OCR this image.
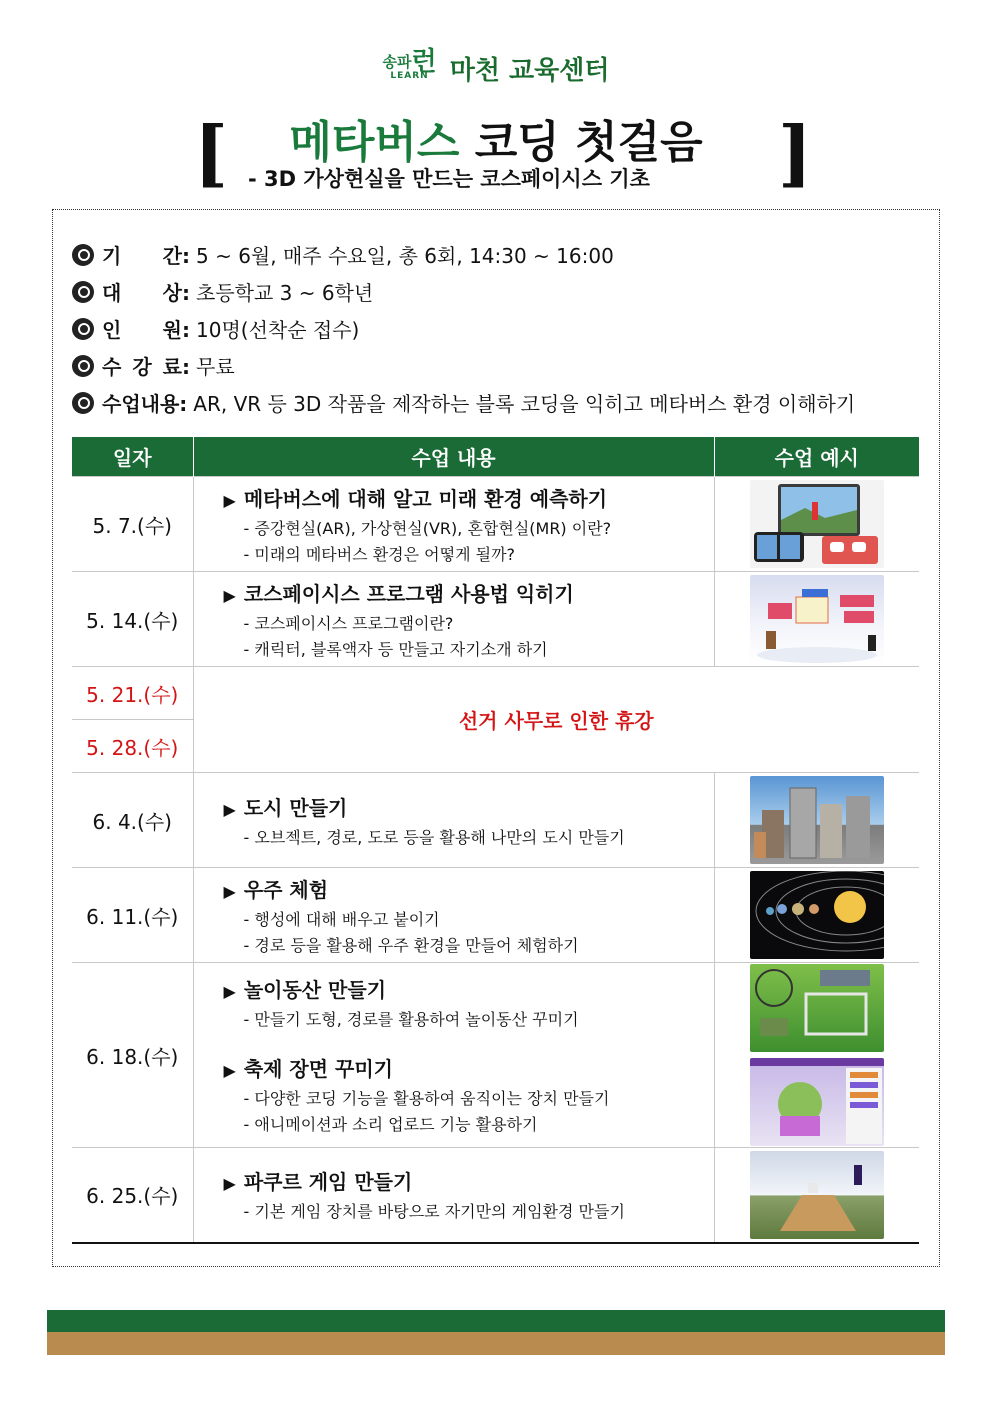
송파런
LEARN 마천 교육센터
[	메타버스 코딩 첫걸음	]
- 3D 가상현실을 만드는 코스페이시스 기초
기 간: 5 ~ 6월, 매주 수요일, 총 6회, 14:30 ~ 16:00
대 상: 초등학교 3 ~ 6학년
인 원: 10명(선착순 접수)
수 강 료: 무료
수업내용: AR, VR 등 3D 작품을 제작하는 블록 코딩을 익히고 메타버스 환경 이해하기
일자	수업 내용	수업 예시
5. 7.(수)	▶ 메타버스에 대해 알고 미래 환경 예측하기
- 증강현실(AR), 가상현실(VR), 혼합현실(MR) 이란?
- 미래의 메타버스 환경은 어떻게 될까?

5. 14.(수)	▶ 코스페이시스 프로그램 사용법 익히기
- 코스페이시스 프로그램이란?
- 캐릭터, 블록액자 등 만들고 자기소개 하기

5. 21.(수)	선거 사무로 인한 휴강	
5. 28.(수)		
6. 4.(수)	▶ 도시 만들기
- 오브젝트, 경로, 도로 등을 활용해 나만의 도시 만들기

6. 11.(수)	▶ 우주 체험
- 행성에 대해 배우고 붙이기
- 경로 등을 활용해 우주 환경을 만들어 체험하기

6. 18.(수)	▶ 놀이동산 만들기
- 만들기 도형, 경로를 활용하여 놀이동산 꾸미기
▶ 축제 장면 꾸미기
- 다양한 코딩 기능을 활용하여 움직이는 장치 만들기
- 애니메이션과 소리 업로드 기능 활용하기

6. 25.(수)	▶ 파쿠르 게임 만들기
- 기본 게임 장치를 바탕으로 자기만의 게임환경 만들기
